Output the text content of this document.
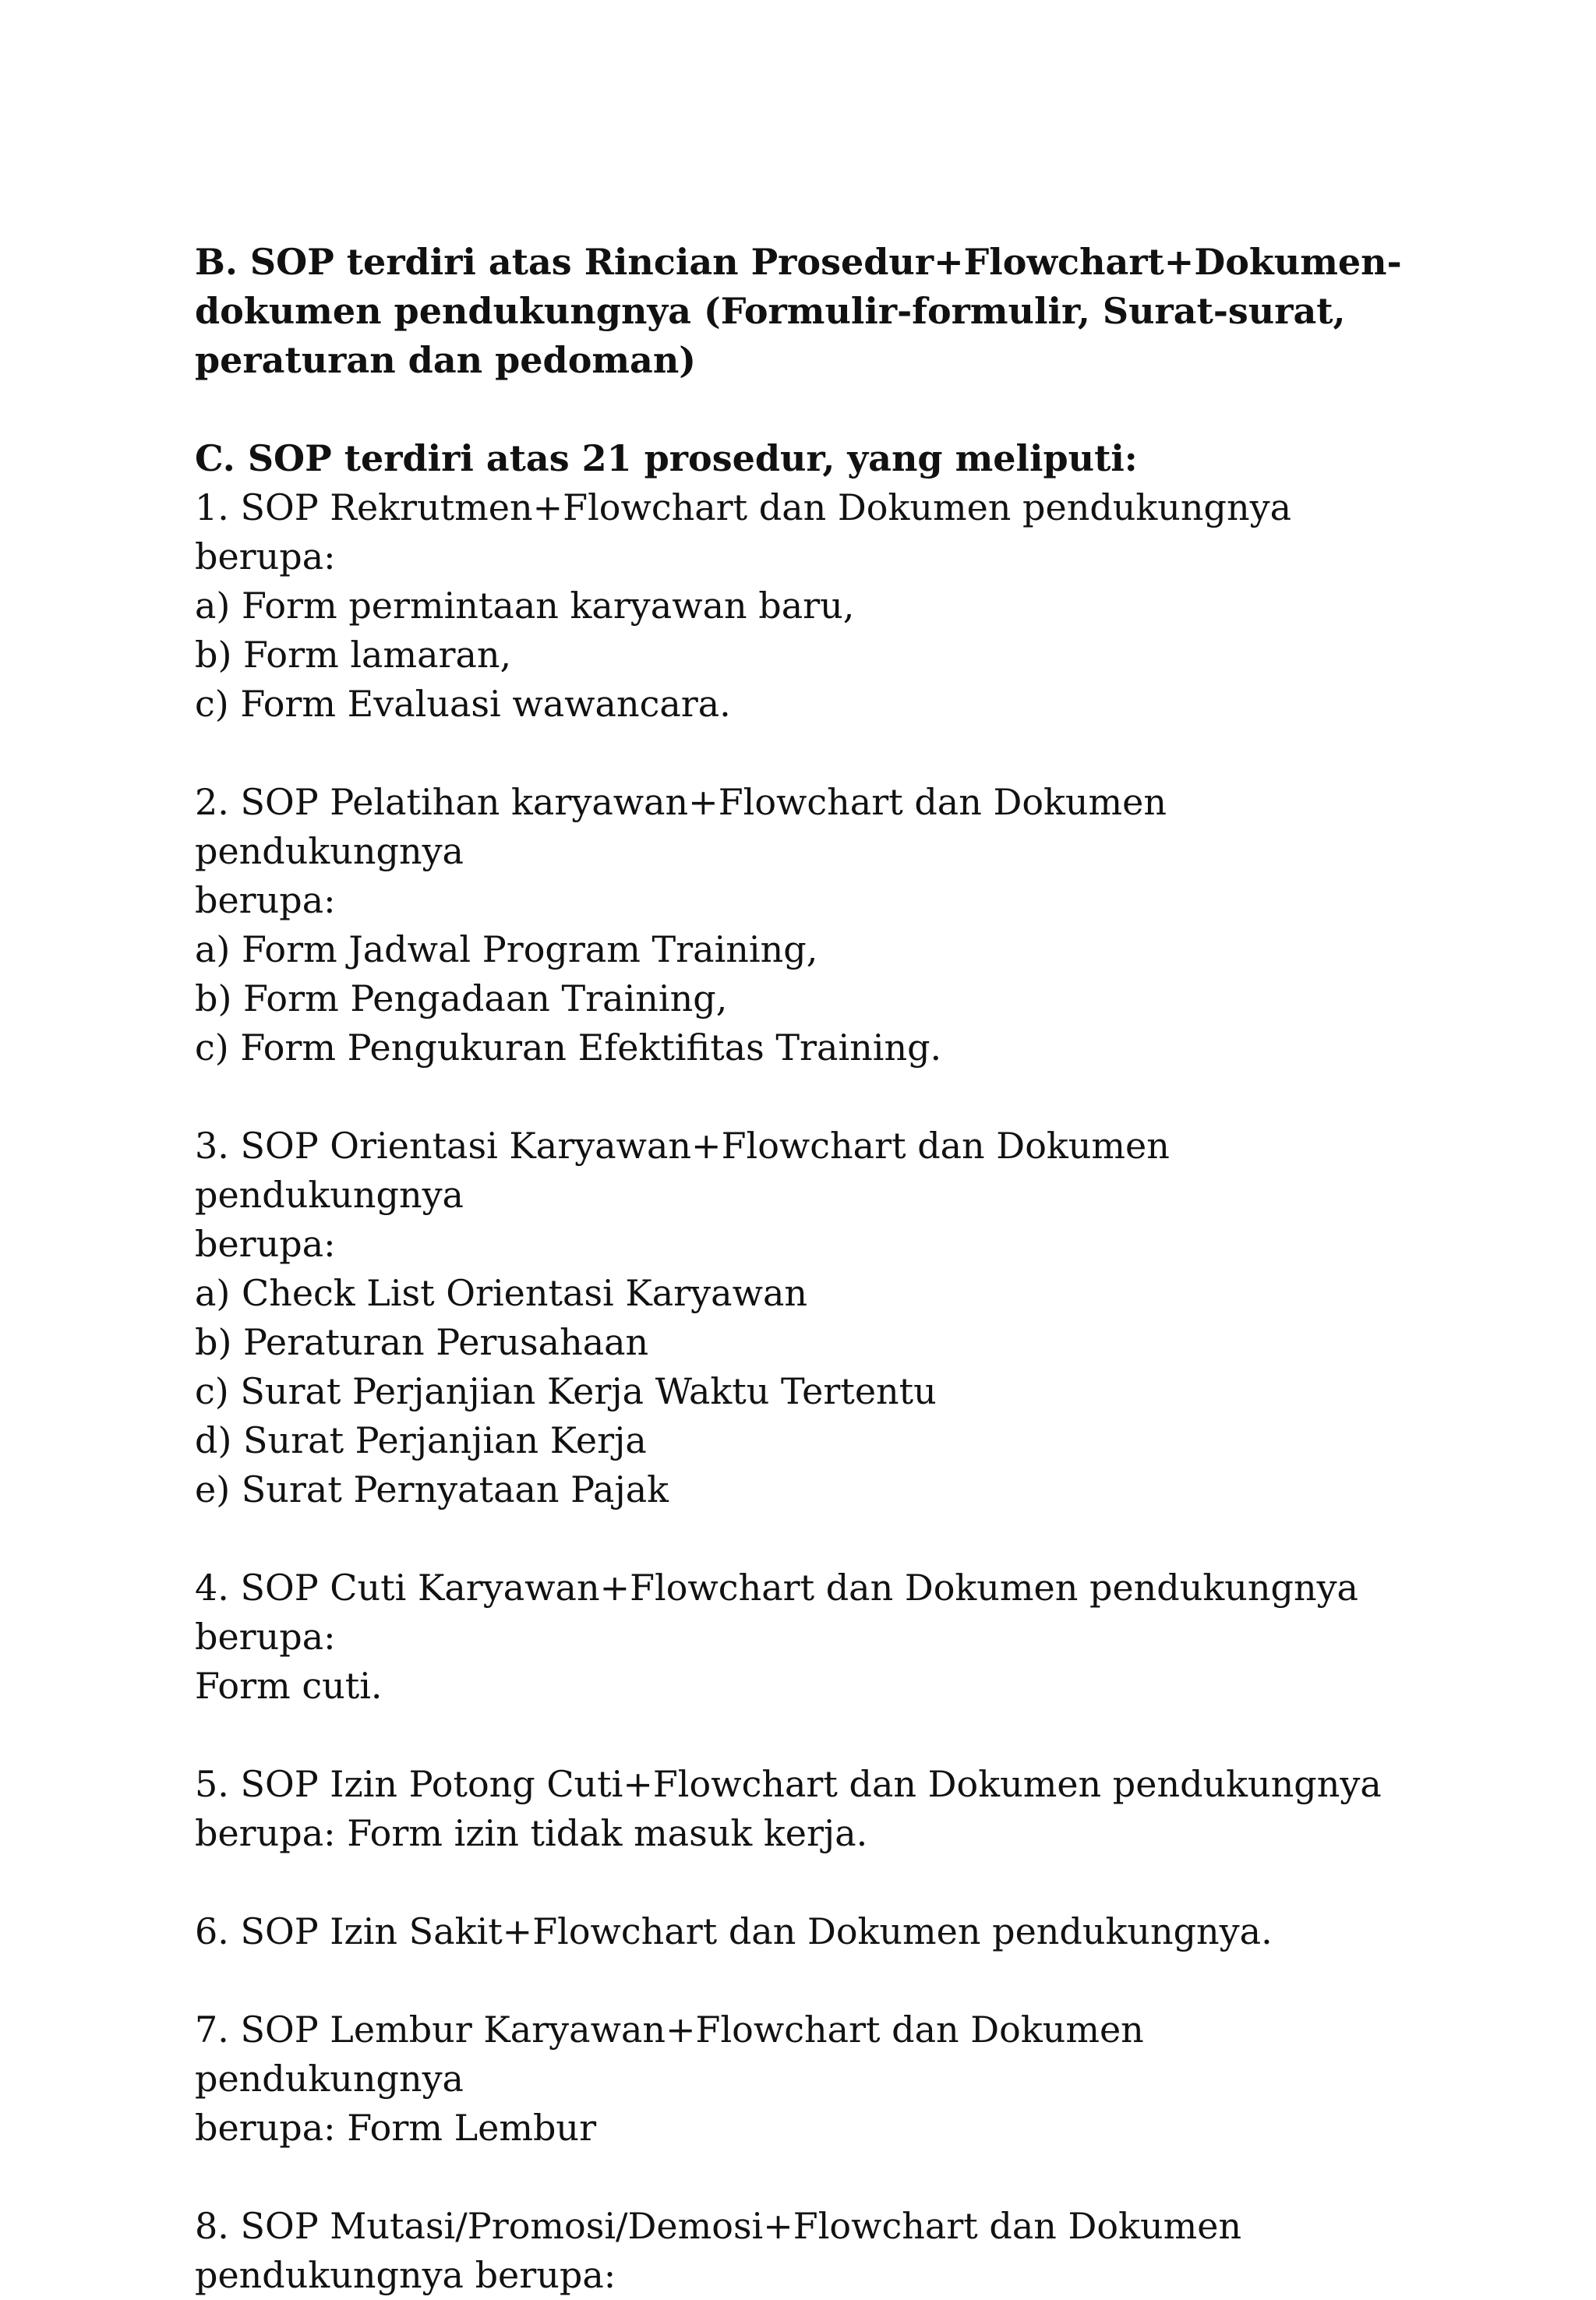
B. SOP terdiri atas Rincian Prosedur+Flowchart+Dokumen-

dokumen pendukungnya (Formulir-formulir, Surat-surat,

peraturan dan pedoman)

C. SOP terdiri atas 21 prosedur, yang meliputi:

1. SOP Rekrutmen+Flowchart dan Dokumen pendukungnya berupa:

a) Form permintaan karyawan baru,

b) Form lamaran,

c) Form Evaluasi wawancara.

2. SOP Pelatihan karyawan+Flowchart dan Dokumen pendukungnya

berupa:

a) Form Jadwal Program Training,

b) Form Pengadaan Training,

c) Form Pengukuran Efektifitas Training.

3. SOP Orientasi Karyawan+Flowchart dan Dokumen pendukungnya

berupa:

a) Check List Orientasi Karyawan

b) Peraturan Perusahaan

c) Surat Perjanjian Kerja Waktu Tertentu

d) Surat Perjanjian Kerja

e) Surat Pernyataan Pajak

4. SOP Cuti Karyawan+Flowchart dan Dokumen pendukungnya berupa:

Form cuti.

5. SOP Izin Potong Cuti+Flowchart dan Dokumen pendukungnya

berupa: Form izin tidak masuk kerja.

6. SOP Izin Sakit+Flowchart dan Dokumen pendukungnya.

7. SOP Lembur Karyawan+Flowchart dan Dokumen pendukungnya

berupa: Form Lembur

8. SOP Mutasi/Promosi/Demosi+Flowchart dan Dokumen

pendukungnya berupa:
